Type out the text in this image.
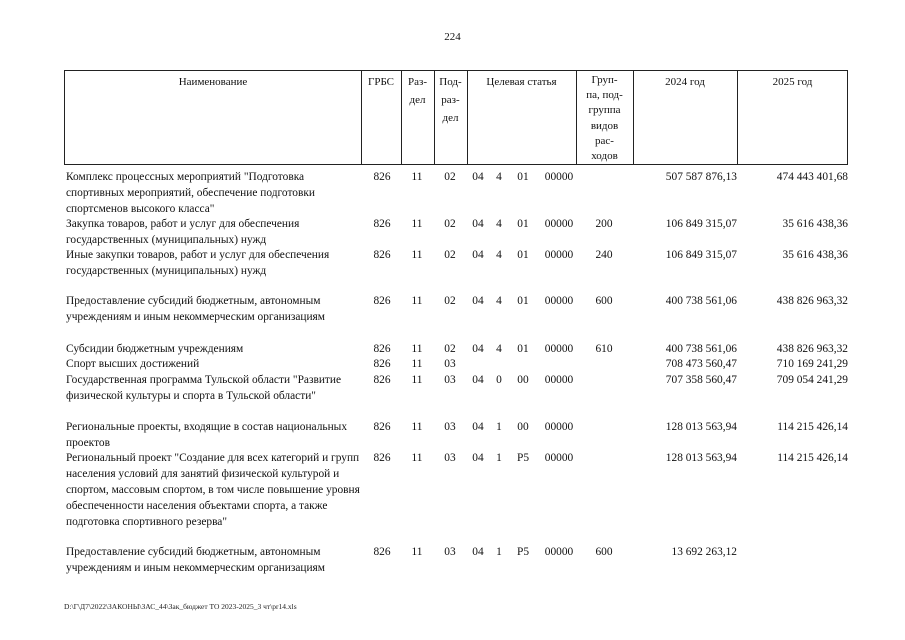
224
Наименование	ГРБС	Раз-
дел
Под-
раз-
дел
Целевая статья	Груп-
па, под-
группа
видов
рас-
ходов
2024 год	2025 год
Комплекс процессных мероприятий "Подготовка спортивных мероприятий, обеспечение подготовки спортсменов высокого класса"
826	11	02	04	4	01	00000	507 587 876,13	474 443 401,68
Закупка товаров, работ и услуг для обеспечения государственных (муниципальных) нужд
826	11	02	04	4	01	00000	200	106 849 315,07	35 616 438,36
Иные закупки товаров, работ и услуг для обеспечения государственных (муниципальных) нужд
826	11	02	04	4	01	00000	240	106 849 315,07	35 616 438,36
Предоставление субсидий бюджетным, автономным учреждениям и иным некоммерческим организациям
826	11	02	04	4	01	00000	600	400 738 561,06	438 826 963,32
Субсидии бюджетным учреждениям	826	11	02	04	4	01	00000	610	400 738 561,06	438 826 963,32
Спорт высших достижений	826	11	03	708 473 560,47	710 169 241,29
Государственная программа Тульской области "Развитие физической культуры и спорта в Тульской области"
826	11	03	04	0	00	00000	707 358 560,47	709 054 241,29
Региональные проекты, входящие в состав национальных проектов
826	11	03	04	1	00	00000	128 013 563,94	114 215 426,14
Региональный проект "Создание для всех категорий и групп населения условий для занятий физической культурой и спортом, массовым спортом, в том числе повышение уровня обеспеченности населения объектами спорта, а также подготовка спортивного резерва"
826	11	03	04	1	P5	00000	128 013 563,94	114 215 426,14
Предоставление субсидий бюджетным, автономным учреждениям и иным некоммерческим организациям
826	11	03	04	1	P5	00000	600	13 692 263,12
D:\Г\Д7\2022\ЗАКОНЫ\ЗАС_44\Зак_бюджет ТО 2023-2025_3 чт\pr14.xls
